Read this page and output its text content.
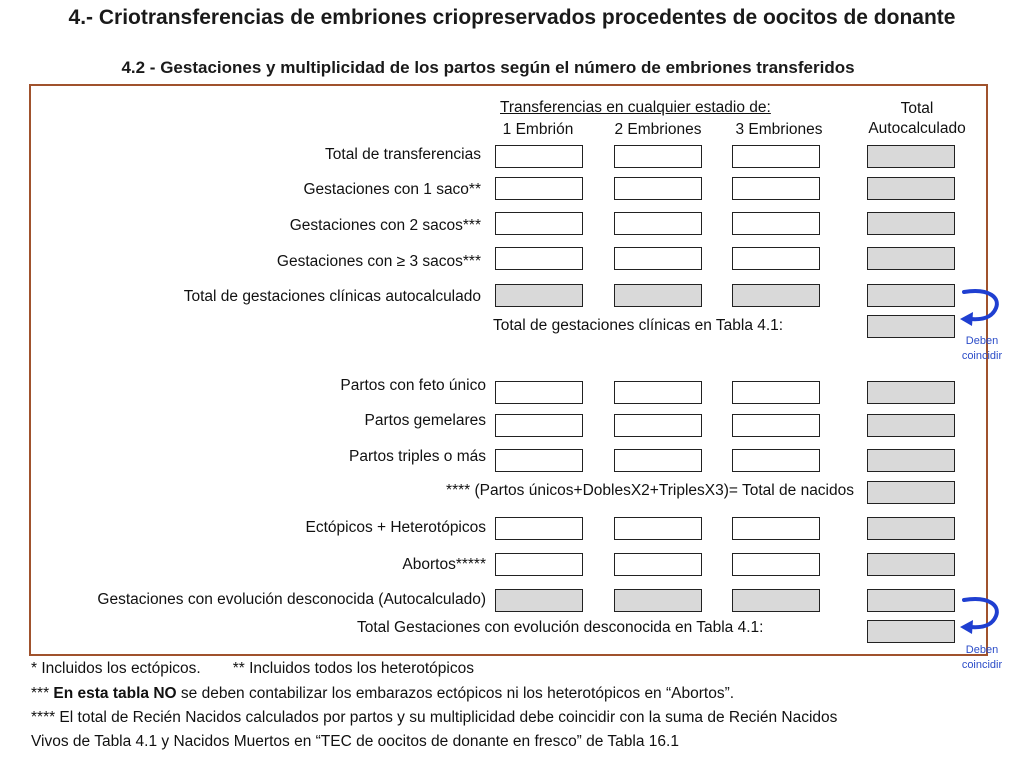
4.- Criotransferencias de embriones criopreservados procedentes de oocitos de donante
4.2 - Gestaciones y multiplicidad de los partos según el número de embriones transferidos
Transferencias en cualquier estadio de:
1 Embrión	2 Embriones	3 Embriones
Total
Autocalculado
Total de transferencias
Gestaciones con 1 saco**
Gestaciones con 2 sacos***
Gestaciones con ≥ 3 sacos***
Total de gestaciones clínicas autocalculado
Total de gestaciones clínicas en Tabla 4.1:
Deben
coincidir
Partos con feto único
Partos gemelares
Partos triples o más
**** (Partos únicos+DoblesX2+TriplesX3)= Total de nacidos
Ectópicos + Heterotópicos
Abortos*****
Gestaciones con evolución desconocida (Autocalculado)
Total Gestaciones con evolución desconocida en Tabla 4.1:
Deben
coincidir
* Incluidos los ectópicos. ** Incluidos todos los heterotópicos
*** En esta tabla NO se deben contabilizar los embarazos ectópicos ni los heterotópicos en “Abortos”.
**** El total de Recién Nacidos calculados por partos y su multiplicidad debe coincidir con la suma de Recién Nacidos
Vivos de Tabla 4.1 y Nacidos Muertos en “TEC de oocitos de donante en fresco” de Tabla 16.1
